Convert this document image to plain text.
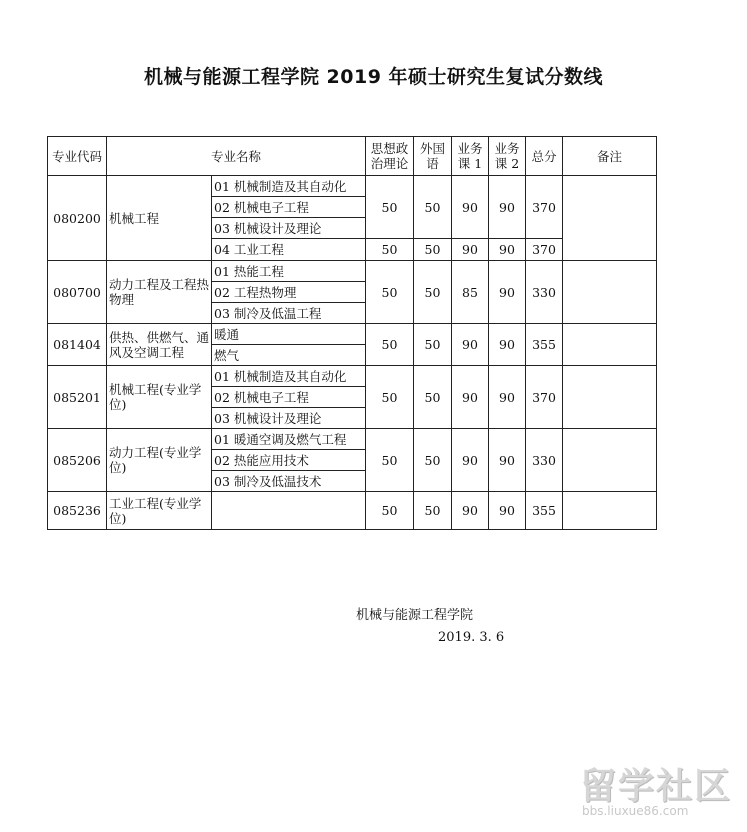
机械与能源工程学院 2019 年硕士研究生复试分数线
专业代码	专业名称		思想政治理论	外国语	业务课 1	业务课 2	总分	备注
080200	机械工程	01 机械制造及其自动化	50	50	90	90	370	
		02 机械电子工程						
		03 机械设计及理论						
		04 工业工程	50	50	90	90	370	
080700	动力工程及工程热物理	01 热能工程	50	50	85	90	330	
		02 工程热物理						
		03 制冷及低温工程						
081404	供热、供燃气、通风及空调工程	暖通	50	50	90	90	355	
		燃气						
085201	机械工程(专业学位)	01 机械制造及其自动化	50	50	90	90	370	
		02 机械电子工程						
		03 机械设计及理论						
085206	动力工程(专业学位)	01 暖通空调及燃气工程	50	50	90	90	330	
		02 热能应用技术						
		03 制冷及低温技术						
085236	工业工程(专业学位)		50	50	90	90	355	
机械与能源工程学院
2019. 3. 6
留学社区
bbs.liuxue86.com
